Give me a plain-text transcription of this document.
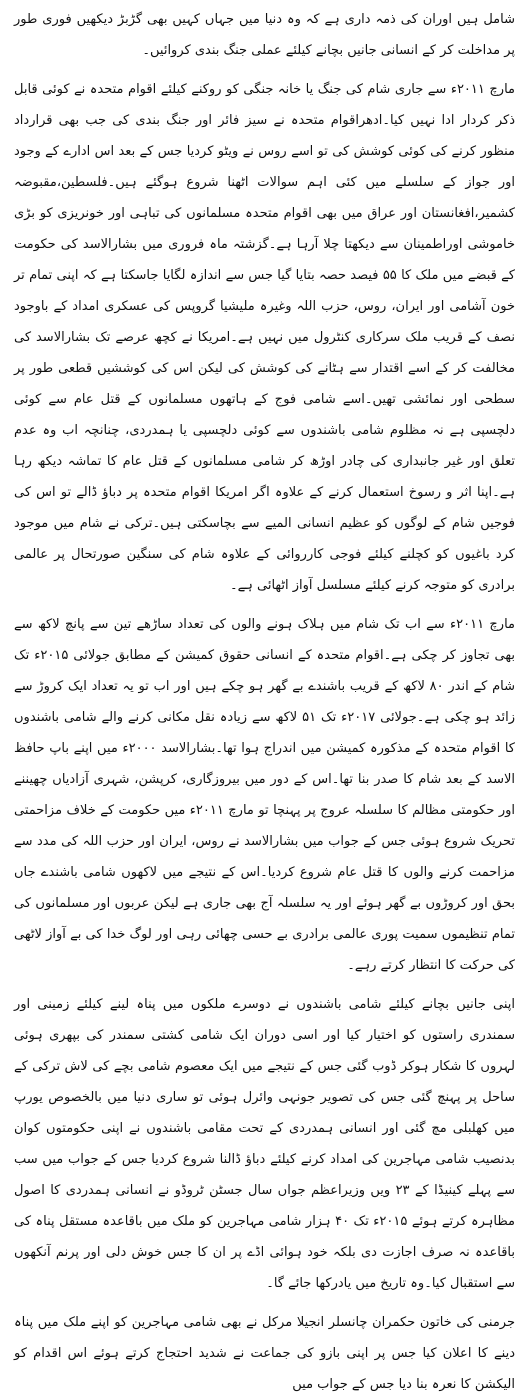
شامل ہیں اوران کی ذمہ داری ہے کہ وہ دنیا میں جہاں کہیں بھی گڑبڑ دیکھیں فوری طور پر مداخلت کر کے انسانی جانیں بچانے کیلئے عملی جنگ بندی کروائیں۔

مارچ ۲۰۱۱ء سے جاری شام کی جنگ یا خانہ جنگی کو روکنے کیلئے اقوام متحدہ نے کوئی قابل ذکر کردار ادا نہیں کیا۔ادھراقوام متحدہ نے سیز فائر اور جنگ بندی کی جب بھی قرارداد منظور کرنے کی کوئی کوشش کی تو اسے روس نے ویٹو کردیا جس کے بعد اس ادارے کے وجود اور جواز کے سلسلے میں کئی اہم سوالات اٹھنا شروع ہوگئے ہیں۔فلسطین،مقبوضہ کشمیر،افغانستان اور عراق میں بھی اقوام متحدہ مسلمانوں کی تباہی اور خونریزی کو بڑی خاموشی اوراطمینان سے دیکھتا چلا آرہا ہے۔گزشتہ ماہ فروری میں بشارالاسد کی حکومت کے قبضے میں ملک کا ۵۵ فیصد حصہ بتایا گیا جس سے اندازہ لگایا جاسکتا ہے کہ اپنی تمام تر خون آشامی اور ایران، روس، حزب اللہ وغیرہ ملیشیا گروپس کی عسکری امداد کے باوجود نصف کے قریب ملک سرکاری کنٹرول میں نہیں ہے۔امریکا نے کچھ عرصے تک بشارالاسد کی مخالفت کر کے اسے اقتدار سے ہٹانے کی کوشش کی لیکن اس کی کوششیں قطعی طور پر سطحی اور نمائشی تھیں۔اسے شامی فوج کے ہاتھوں مسلمانوں کے قتل عام سے کوئی دلچسپی ہے نہ مظلوم شامی باشندوں سے کوئی دلچسپی یا ہمدردی، چنانچہ اب وہ عدم تعلق اور غیر جانبداری کی چادر اوڑھ کر شامی مسلمانوں کے قتل عام کا تماشہ دیکھ رہا ہے۔اپنا اثر و رسوخ استعمال کرنے کے علاوہ اگر امریکا اقوام متحدہ پر دباؤ ڈالے تو اس کی فوجیں شام کے لوگوں کو عظیم انسانی المیے سے بچاسکتی ہیں۔ترکی نے شام میں موجود کرد باغیوں کو کچلنے کیلئے فوجی کارروائی کے علاوہ شام کی سنگین صورتحال پر عالمی برادری کو متوجہ کرنے کیلئے مسلسل آواز اٹھائی ہے۔

مارچ ۲۰۱۱ء سے اب تک شام میں ہلاک ہونے والوں کی تعداد ساڑھے تین سے پانچ لاکھ سے بھی تجاوز کر چکی ہے۔اقوام متحدہ کے انسانی حقوق کمیشن کے مطابق جولائی ۲۰۱۵ء تک شام کے اندر ۸۰ لاکھ کے قریب باشندے بے گھر ہو چکے ہیں اور اب تو یہ تعداد ایک کروڑ سے زائد ہو چکی ہے۔جولائی ۲۰۱۷ء تک ۵۱ لاکھ سے زیادہ نقل مکانی کرنے والے شامی باشندوں کا اقوام متحدہ کے مذکورہ کمیشن میں اندراج ہوا تھا۔بشارالاسد ۲۰۰۰ء میں اپنے باپ حافظ الاسد کے بعد شام کا صدر بنا تھا۔اس کے دور میں بیروزگاری، کرپشن، شہری آزادیاں چھیننے اور حکومتی مظالم کا سلسلہ عروج پر پہنچا تو مارچ ۲۰۱۱ء میں حکومت کے خلاف مزاحمتی تحریک شروع ہوئی جس کے جواب میں بشارالاسد نے روس، ایران اور حزب اللہ کی مدد سے مزاحمت کرنے والوں کا قتل عام شروع کردیا۔اس کے نتیجے میں لاکھوں شامی باشندے جاں بحق اور کروڑوں بے گھر ہوئے اور یہ سلسلہ آج بھی جاری ہے لیکن عربوں اور مسلمانوں کی تمام تنظیموں سمیت پوری عالمی برادری بے حسی چھائی رہی اور لوگ خدا کی بے آواز لاٹھی کی حرکت کا انتظار کرتے رہے۔

اپنی جانیں بچانے کیلئے شامی باشندوں نے دوسرے ملکوں میں پناہ لینے کیلئے زمینی اور سمندری راستوں کو اختیار کیا اور اسی دوران ایک شامی کشتی سمندر کی بپھری ہوئی لہروں کا شکار ہوکر ڈوب گئی جس کے نتیجے میں ایک معصوم شامی بچے کی لاش ترکی کے ساحل پر پہنچ گئی جس کی تصویر جونہی وائرل ہوئی تو ساری دنیا میں بالخصوص یورپ میں کھلبلی مچ گئی اور انسانی ہمدردی کے تحت مقامی باشندوں نے اپنی حکومتوں کوان بدنصیب شامی مہاجرین کی امداد کرنے کیلئے دباؤ ڈالنا شروع کردیا جس کے جواب میں سب سے پہلے کینیڈا کے ۲۳ ویں وزیراعظم جواں سال جسٹن ٹروڈو نے انسانی ہمدردی کا اصول مظاہرہ کرتے ہوئے ۲۰۱۵ء تک ۴۰ ہزار شامی مہاجرین کو ملک میں باقاعدہ مستقل پناہ کی باقاعدہ نہ صرف اجازت دی بلکہ خود ہوائی اڈے پر ان کا جس خوش دلی اور پرنم آنکھوں سے استقبال کیا۔وہ تاریخ میں یادرکھا جائے گا۔

جرمنی کی خاتون حکمران چانسلر انجیلا مرکل نے بھی شامی مہاجرین کو اپنے ملک میں پناہ دینے کا اعلان کیا جس پر اپنی بازو کی جماعت نے شدید احتجاج کرتے ہوئے اس اقدام کو الیکشن کا نعرہ بنا دیا جس کے جواب میں
